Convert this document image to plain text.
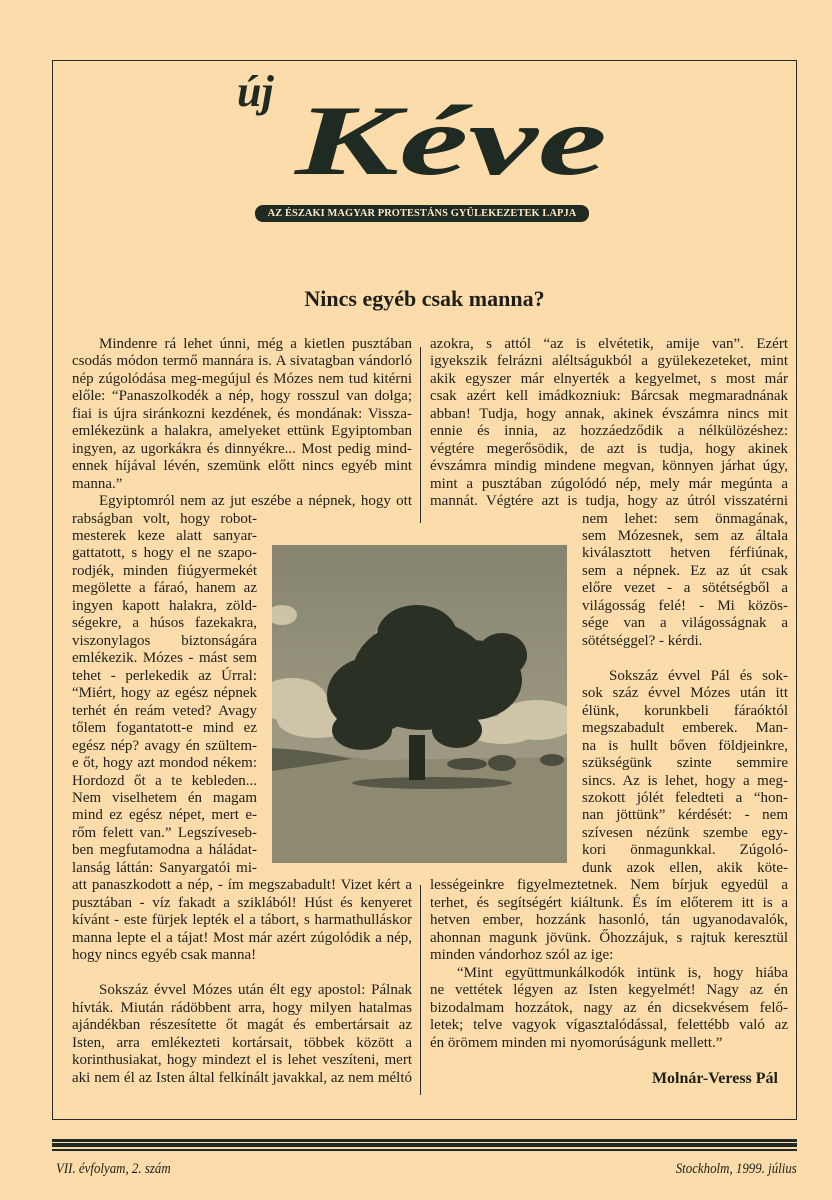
új Kéve
AZ ÉSZAKI MAGYAR PROTESTÁNS GYÜLEKEZETEK LAPJA
Nincs egyéb csak manna?
Mindenre rá lehet únni, még a kietlen pusztában
csodás módon termő mannára is. A sivatagban vándorló
nép zúgolódása meg-megújul és Mózes nem tud kitérni
előle: “Panaszolkodék a nép, hogy rosszul van dolga;
fiai is újra siránkozni kezdének, és mondának: Vissza-
emlékezünk a halakra, amelyeket ettünk Egyiptomban
ingyen, az ugorkákra és dinnyékre... Most pedig mind-
ennek híjával lévén, szemünk előtt nincs egyéb mint
manna.”
Egyiptomról nem az jut eszébe a népnek, hogy ott
rabságban volt, hogy robot-
mesterek keze alatt sanyar-
gattatott, s hogy el ne szapo-
rodjék, minden fiúgyermekét
megölette a fáraó, hanem az
ingyen kapott halakra, zöld-
ségekre, a húsos fazekakra,
viszonylagos biztonságára
emlékezik. Mózes - mást sem
tehet - perlekedik az Úrral:
“Miért, hogy az egész népnek
terhét én reám veted? Avagy
tőlem fogantatott-e mind ez
egész nép? avagy én szültem-
e őt, hogy azt mondod nékem:
Hordozd őt a te kebleden...
Nem viselhetem én magam
mind ez egész népet, mert e-
rőm felett van.” Legszíveseb-
ben megfutamodna a háládat-
lanság láttán: Sanyargatói mi-
att panaszkodott a nép, - ím megszabadult! Vizet kért a
pusztában - víz fakadt a sziklából! Húst és kenyeret
kívánt - este fürjek lepték el a tábort, s harmathulláskor
manna lepte el a tájat! Most már azért zúgolódik a nép,
hogy nincs egyéb csak manna!
Sokszáz évvel Mózes után élt egy apostol: Pálnak
hívták. Miután rádöbbent arra, hogy milyen hatalmas
ajándékban részesítette őt magát és embertársait az
Isten, arra emlékezteti kortársait, többek között a
korinthusiakat, hogy mindezt el is lehet veszíteni, mert
aki nem él az Isten által felkínált javakkal, az nem méltó
azokra, s attól “az is elvétetik, amije van”. Ezért
igyekszik felrázni aléltságukból a gyülekezeteket, mint
akik egyszer már elnyerték a kegyelmet, s most már
csak azért kell imádkozniuk: Bárcsak megmaradnának
abban! Tudja, hogy annak, akinek évszámra nincs mit
ennie és innia, az hozzáedződik a nélkülözéshez:
végtére megerősödik, de azt is tudja, hogy akinek
évszámra mindig mindene megvan, könnyen járhat úgy,
mint a pusztában zúgolódó nép, mely már megúnta a
mannát. Végtére azt is tudja, hogy az útról visszatérni
nem lehet: sem önmagának,
sem Mózesnek, sem az általa
kiválasztott hetven férfiúnak,
sem a népnek. Ez az út csak
előre vezet - a sötétségből a
világosság felé! - Mi közös-
sége van a világosságnak a
sötétséggel? - kérdi.
Sokszáz évvel Pál és sok-
sok száz évvel Mózes után itt
élünk, korunkbeli fáraóktól
megszabadult emberek. Man-
na is hullt bőven földjeinkre,
szükségünk szinte semmire
sincs. Az is lehet, hogy a meg-
szokott jólét feledteti a “hon-
nan jöttünk” kérdését: - nem
szívesen nézünk szembe egy-
kori önmagunkkal. Zúgoló-
dunk azok ellen, akik köte-
lességeinkre figyelmeztetnek. Nem bírjuk egyedül a
terhet, és segítségért kiáltunk. És ím előterem itt is a
hetven ember, hozzánk hasonló, tán ugyanodavalók,
ahonnan magunk jövünk. Őhozzájuk, s rajtuk keresztül
minden vándorhoz szól az ige:
“Mint együttmunkálkodók intünk is, hogy hiába
ne vettétek légyen az Isten kegyelmét! Nagy az én
bizodalmam hozzátok, nagy az én dicsekvésem felő-
letek; telve vagyok vígasztalódással, felettébb való az
én örömem minden mi nyomorúságunk mellett.”
Molnár-Veress Pál
VII. évfolyam, 2. szám	Stockholm, 1999. július
